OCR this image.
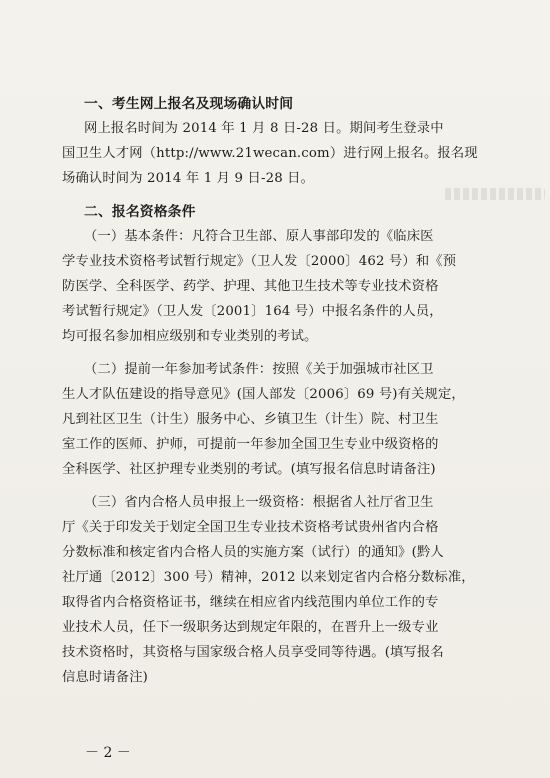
一、考生网上报名及现场确认时间
网上报名时间为 2014 年 1 月 8 日-28 日。期间考生登录中
国卫生人才网（http://www.21wecan.com）进行网上报名。报名现
场确认时间为 2014 年 1 月 9 日-28 日。
二、报名资格条件
（一）基本条件：凡符合卫生部、原人事部印发的《临床医
学专业技术资格考试暂行规定》（卫人发〔2000〕462 号）和《预
防医学、全科医学、药学、护理、其他卫生技术等专业技术资格
考试暂行规定》（卫人发〔2001〕164 号）中报名条件的人员，
均可报名参加相应级别和专业类别的考试。
（二）提前一年参加考试条件：按照《关于加强城市社区卫
生人才队伍建设的指导意见》(国人部发〔2006〕69 号)有关规定，
凡到社区卫生（计生）服务中心、乡镇卫生（计生）院、村卫生
室工作的医师、护师，可提前一年参加全国卫生专业中级资格的
全科医学、社区护理专业类别的考试。(填写报名信息时请备注)
（三）省内合格人员申报上一级资格：根据省人社厅省卫生
厅《关于印发关于划定全国卫生专业技术资格考试贵州省内合格
分数标准和核定省内合格人员的实施方案（试行）的通知》(黔人
社厅通〔2012〕300 号）精神，2012 以来划定省内合格分数标准，
取得省内合格资格证书，继续在相应省内线范围内单位工作的专
业技术人员，任下一级职务达到规定年限的，在晋升上一级专业
技术资格时，其资格与国家级合格人员享受同等待遇。(填写报名
信息时请备注)
－ 2 －
